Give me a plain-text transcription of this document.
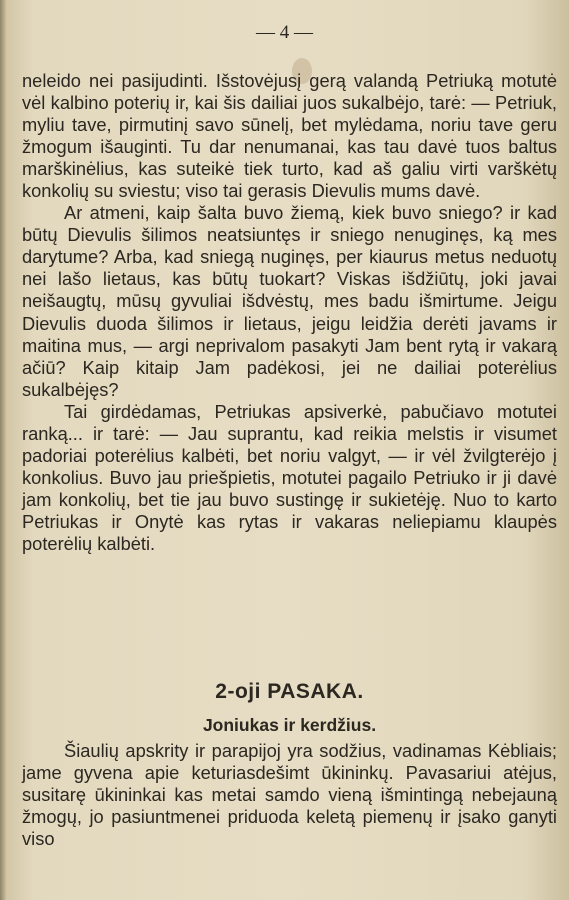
— 4 —

neleido nei pasijudinti. Išstovėjusį gerą valandą Petriuką motutė vėl kalbino poterių ir, kai šis dailiai juos sukalbėjo, tarė: — Petriuk, myliu tave, pirmutinį savo sūnelį, bet mylėdama, noriu tave geru žmogum išauginti. Tu dar nenumanai, kas tau davė tuos baltus marškinėlius, kas suteikė tiek turto, kad aš galiu virti varškėtų konkolių su sviestu; viso tai gerasis Dievulis mums davė.

Ar atmeni, kaip šalta buvo žiemą, kiek buvo sniego? ir kad būtų Dievulis šilimos neatsiuntęs ir sniego nenuginęs, ką mes darytume? Arba, kad sniegą nuginęs, per kiaurus metus neduotų nei lašo lietaus, kas būtų tuokart? Viskas išdžiūtų, joki javai neišaugtų, mūsų gyvuliai išdvėstų, mes badu išmirtume. Jeigu Dievulis duoda šilimos ir lietaus, jeigu leidžia derėti javams ir maitina mus, — argi neprivalom pasakyti Jam bent rytą ir vakarą ačiū? Kaip kitaip Jam padėkosi, jei ne dailiai poterėlius sukalbėjęs?

Tai girdėdamas, Petriukas apsiverkė, pabučiavo motutei ranką... ir tarė: — Jau suprantu, kad reikia melstis ir visumet padoriai poterėlius kalbėti, bet noriu valgyt, — ir vėl žvilgterėjo į konkolius. Buvo jau priešpietis, motutei pagailo Petriuko ir ji davė jam konkolių, bet tie jau buvo sustingę ir sukietėję. Nuo to karto Petriukas ir Onytė kas rytas ir vakaras neliepiamu klaupės poterėlių kalbėti.

2-oji PASAKA.
Joniukas ir kerdžius.

Šiaulių apskrity ir parapijoj yra sodžius, vadinamas Kėbliais; jame gyvena apie keturiasdešimt ūkininkų. Pavasariui atėjus, susitarę ūkininkai kas metai samdo vieną išmintingą nebejauną žmogų, jo pasiuntmenei priduoda keletą piemenų ir įsako ganyti viso
